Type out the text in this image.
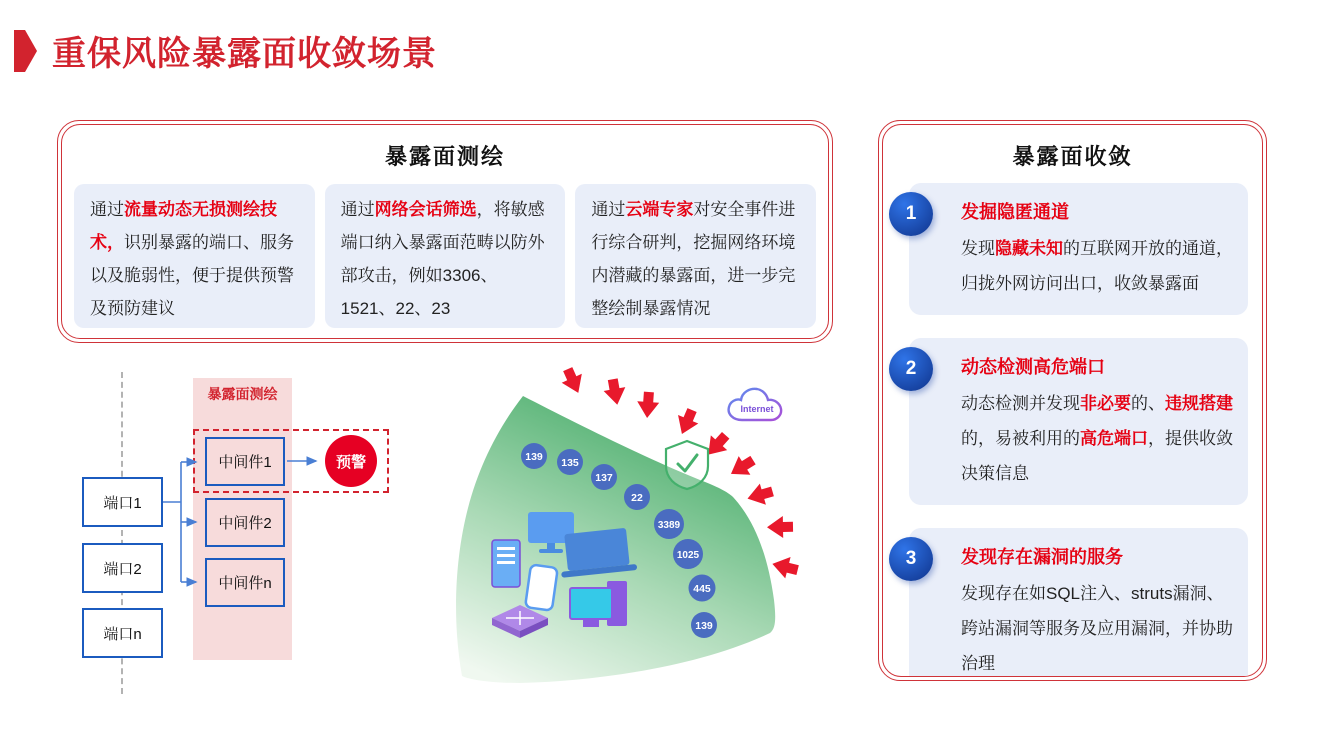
重保风险暴露面收敛场景
暴露面测绘
通过流量动态无损测绘技术，识别暴露的端口、服务以及脆弱性，便于提供预警及预防建议
通过网络会话筛选，将敏感端口纳入暴露面范畴以防外部攻击，例如3306、1521、22、23
通过云端专家对安全事件进行综合研判，挖掘网络环境内潜藏的暴露面，进一步完整绘制暴露情况
暴露面收敛
1	发掘隐匿通道
发现隐藏未知的互联网开放的通道，归拢外网访问出口，收敛暴露面
2	动态检测高危端口
动态检测并发现非必要的、违规搭建的，易被利用的高危端口，提供收敛决策信息
3	发现存在漏洞的服务
发现存在如SQL注入、struts漏洞、跨站漏洞等服务及应用漏洞，并协助治理
暴露面测绘
端口1
端口2
端口n
中间件1
中间件2
中间件n
预警
Internet
139 135
137
22
3389
1025
445
139
